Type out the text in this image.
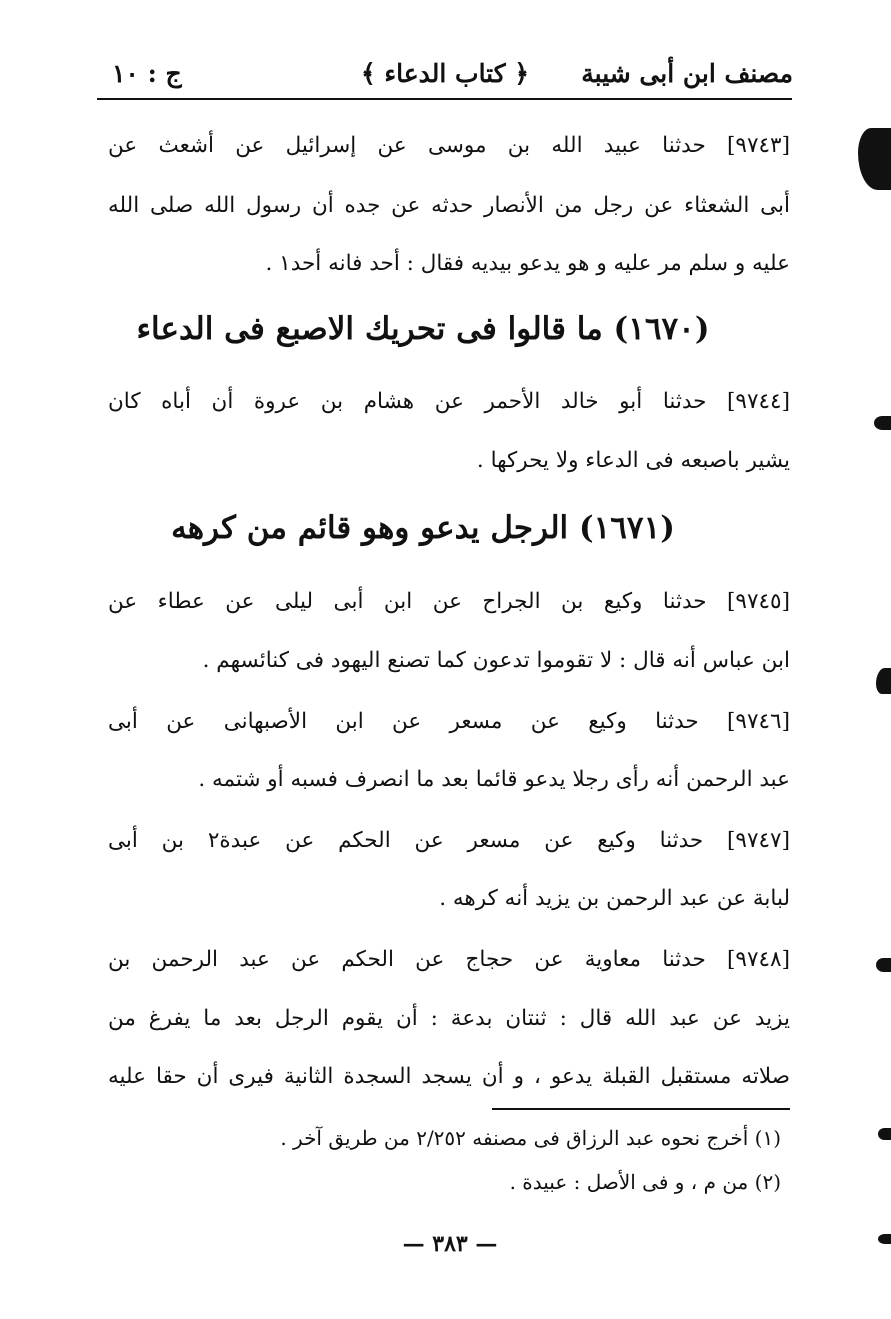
مصنف ابن أبى شيبة
﴿ كتاب الدعاء ﴾
ج : ١٠
[٩٧٤٣] حدثنا عبيد الله بن موسى عن إسرائيل عن أشعث عن
أبى الشعثاء عن رجل من الأنصار حدثه عن جده أن رسول الله صلى الله
عليه و سلم مر عليه و هو يدعو بيديه فقال : أحد فانه أحد١ .
(١٦٧٠) ما قالوا فى تحريك الاصبع فى الدعاء
[٩٧٤٤] حدثنا أبو خالد الأحمر عن هشام بن عروة أن أباه كان
يشير باصبعه فى الدعاء ولا يحركها .
(١٦٧١) الرجل يدعو وهو قائم من كرهه
[٩٧٤٥] حدثنا وكيع بن الجراح عن ابن أبى ليلى عن عطاء عن
ابن عباس أنه قال : لا تقوموا تدعون كما تصنع اليهود فى كنائسهم .
[٩٧٤٦] حدثنا وكيع عن مسعر عن ابن الأصبهانى عن أبى
عبد الرحمن أنه رأى رجلا يدعو قائما بعد ما انصرف فسبه أو شتمه .
[٩٧٤٧] حدثنا وكيع عن مسعر عن الحكم عن عبدة٢ بن أبى
لبابة عن عبد الرحمن بن يزيد أنه كرهه .
[٩٧٤٨] حدثنا معاوية عن حجاج عن الحكم عن عبد الرحمن بن
يزيد عن عبد الله قال : ثنتان بدعة : أن يقوم الرجل بعد ما يفرغ من
صلاته مستقبل القبلة يدعو ، و أن يسجد السجدة الثانية فيرى أن حقا عليه
(١) أخرج نحوه عبد الرزاق فى مصنفه ٢/٢٥٢ من طريق آخر .
(٢) من م ، و فى الأصل : عبيدة .
— ٣٨٣ —
